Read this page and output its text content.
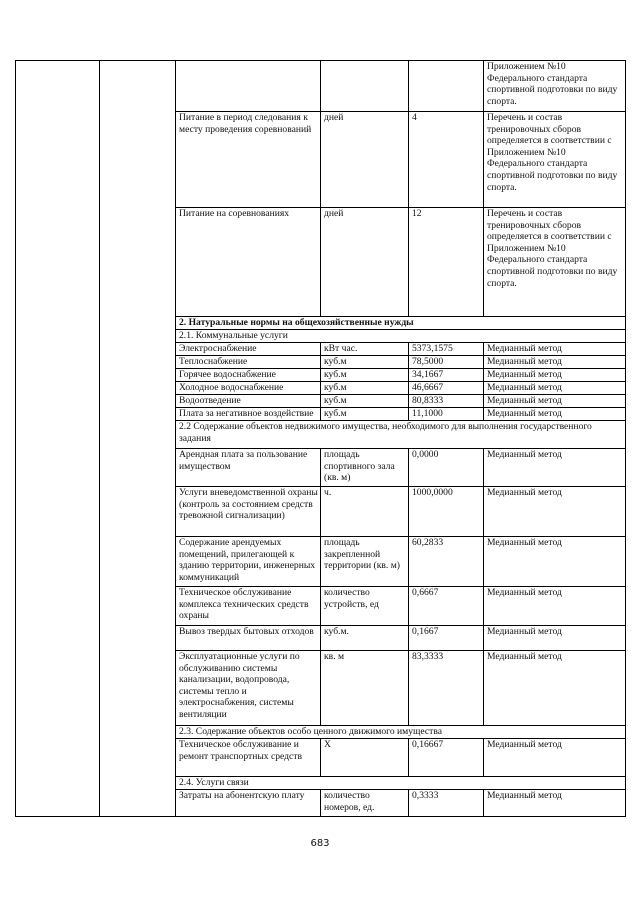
					Приложением №10 Федерального стандарта спортивной подготовки по виду спорта.
		Питание в период следования к месту проведения соревнований	дней	4	Перечень и состав тренировочных сборов определяется в соответствии с Приложением №10 Федерального стандарта спортивной подготовки по виду спорта.
		Питание на соревнованиях	дней	12	Перечень и состав тренировочных сборов определяется в соответствии с Приложением №10 Федерального стандарта спортивной подготовки по виду спорта.
		2. Натуральные нормы на общехозяйственные нужды			
		2.1. Коммунальные услуги			
		Электроснабжение	кВт час.	5373,1575	Медианный метод
		Теплоснабжение	куб.м	78,5000	Медианный метод
		Горячее водоснабжение	куб.м	34,1667	Медианный метод
		Холодное водоснабжение	куб.м	46,6667	Медианный метод
		Водоотведение	куб.м	80,8333	Медианный метод
		Плата за негативное воздействие	куб.м	11,1000	Медианный метод
		2.2 Содержание объектов недвижимого имущества, необходимого для выполнения государственного задания			
		Арендная плата за пользование имуществом	площадь спортивного зала (кв. м)	0,0000	Медианный метод
		Услуги вневедомственной охраны (контроль за состоянием средств тревожной сигнализации)	ч.	1000,0000	Медианный метод
		Содержание арендуемых помещений, прилегающей к зданию территории, инженерных коммуникаций	площадь закрепленной территории (кв. м)	60,2833	Медианный метод
		Техническое обслуживание комплекса технических средств охраны	количество устройств, ед	0,6667	Медианный метод
		Вывоз твердых бытовых отходов	куб.м.	0,1667	Медианный метод
		Эксплуатационные услуги по обслуживанию системы канализации, водопровода, системы тепло и электроснабжения, системы вентиляции	кв. м	83,3333	Медианный метод
		2.3. Содержание объектов особо ценного движимого имущества			
		Техническое обслуживание и ремонт транспортных средств	Х	0,16667	Медианный метод
		2.4. Услуги связи			
		Затраты на абонентскую плату	количество номеров, ед.	0,3333	Медианный метод
683
